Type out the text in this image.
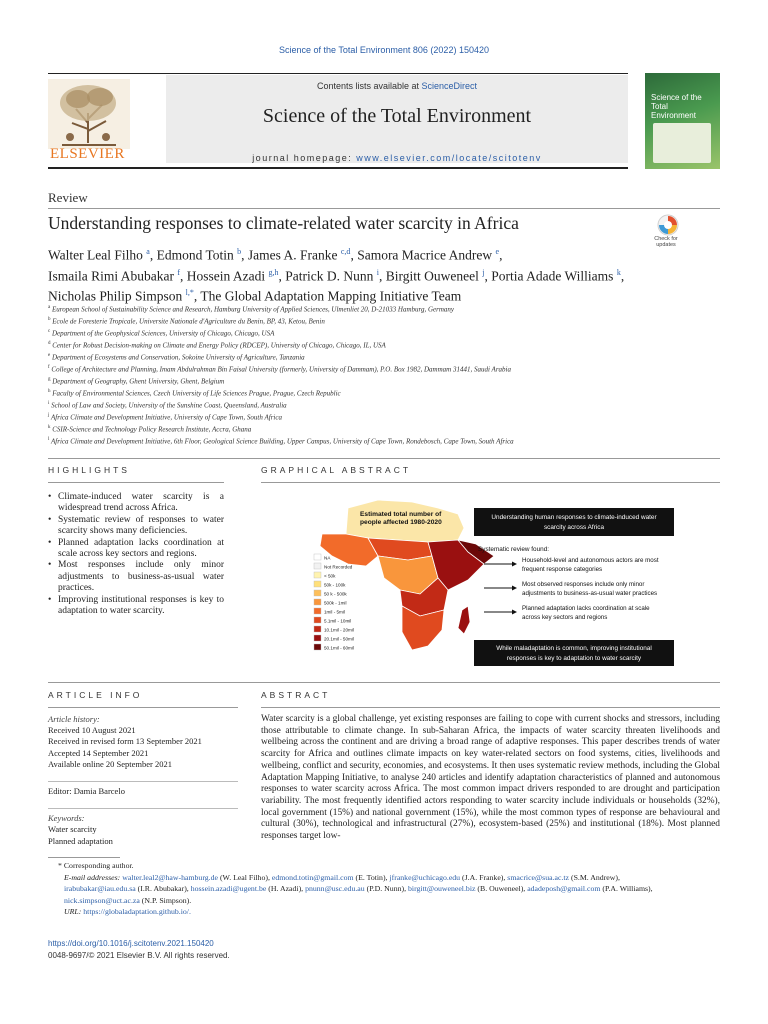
Science of the Total Environment 806 (2022) 150420
ELSEVIER
Contents lists available at ScienceDirect
Science of the Total Environment
journal homepage: www.elsevier.com/locate/scitotenv
Science of the Total Environment
Review
Understanding responses to climate-related water scarcity in Africa
Check for updates
Walter Leal Filho $^a$, Edmond Totin $^b$, James A. Franke $^{c,d}$, Samora Macrice Andrew $^e$,
Ismaila Rimi Abubakar $^f$, Hossein Azadi $^{g,h}$, Patrick D. Nunn $^i$, Birgitt Ouweneel $^j$, Portia Adade Williams $^k$,
Nicholas Philip Simpson $^{l,*}$, The Global Adaptation Mapping Initiative Team
$^a$ European School of Sustainability Science and Research, Hamburg University of Applied Sciences, Ulmenliet 20, D-21033 Hamburg, Germany
$^b$ Ecole de Foresterie Tropicale, Universite Nationale d'Agriculture du Benin, BP, 43, Ketou, Benin
$^c$ Department of the Geophysical Sciences, University of Chicago, Chicago, USA
$^d$ Center for Robust Decision-making on Climate and Energy Policy (RDCEP), University of Chicago, Chicago, IL, USA
$^e$ Department of Ecosystems and Conservation, Sokoine University of Agriculture, Tanzania
$^f$ College of Architecture and Planning, Imam Abdulrahman Bin Faisal University (formerly, University of Dammam), P.O. Box 1982, Dammam 31441, Saudi Arabia
$^g$ Department of Geography, Ghent University, Ghent, Belgium
$^h$ Faculty of Environmental Sciences, Czech University of Life Sciences Prague, Prague, Czech Republic
$^i$ School of Law and Society, University of the Sunshine Coast, Queensland, Australia
$^j$ Africa Climate and Development Initiative, University of Cape Town, South Africa
$^k$ CSIR-Science and Technology Policy Research Institute, Accra, Ghana
$^l$ Africa Climate and Development Initiative, 6th Floor, Geological Science Building, Upper Campus, University of Cape Town, Rondebosch, Cape Town, South Africa
HIGHLIGHTS	GRAPHICAL ABSTRACT
• Climate-induced water scarcity is a widespread trend across Africa.
• Systematic review of responses to water scarcity shows many deficiencies.
• Planned adaptation lacks coordination at scale across key sectors and regions.
• Most responses include only minor adjustments to business-as-usual water practices.
• Improving institutional responses is key to adaptation to water scarcity.
Estimated total number of
people affected 1980-2020
NA
Not Recorded
< 50k
50k - 100k
50 k - 500k
500k - 1mil
1mil - 5mil
5.1mil - 10mil
10.1mil - 20mil
20.1mil - 50mil
50.1mil - 60mil
Understanding human responses to climate-induced water
scarcity across Africa
Systematic review found:
Household-level and autonomous actors are most
frequent response categories
Most observed responses include only minor
adjustments to business-as-usual water practices
Planned adaptation lacks coordination at scale
across key sectors and regions
While maladaptation is common, improving institutional
responses is key to adaptation to water scarcity
ARTICLE INFO	ABSTRACT
Article history:
Received 10 August 2021
Received in revised form 13 September 2021
Accepted 14 September 2021
Available online 20 September 2021
Editor: Damia Barcelo
Keywords:
Water scarcity
Planned adaptation
Water scarcity is a global challenge, yet existing responses are failing to cope with current shocks and stressors, including those attributable to climate change. In sub-Saharan Africa, the impacts of water scarcity threaten livelihoods and wellbeing across the continent and are driving a broad range of adaptive responses. This paper describes trends of water scarcity for Africa and outlines climate impacts on key water-related sectors on food systems, cities, livelihoods and wellbeing, conflict and security, economies, and ecosystems. It then uses systematic review methods, including the Global Adaptation Mapping Initiative, to analyse 240 articles and identify adaptation characteristics of planned and autonomous responses to water scarcity across Africa. The most common impact drivers responded to are drought and participation variability. The most frequently identified actors responding to water scarcity include individuals or households (32%), local government (15%) and national government (15%), while the most common types of response are behavioural and cultural (30%), technological and infrastructural (27%), ecosystem-based (25%) and institutional (18%). Most planned responses target low-
* Corresponding author.
E-mail addresses: walter.leal2@haw-hamburg.de (W. Leal Filho), edmond.totin@gmail.com (E. Totin), jfranke@uchicago.edu (J.A. Franke), smacrice@sua.ac.tz (S.M. Andrew),
irabubakar@iau.edu.sa (I.R. Abubakar), hossein.azadi@ugent.be (H. Azadi), pnunn@usc.edu.au (P.D. Nunn), birgitt@ouweneel.biz (B. Ouweneel), adadeposh@gmail.com (P.A. Williams),
nick.simpson@uct.ac.za (N.P. Simpson).
URL: https://globaladaptation.github.io/.
https://doi.org/10.1016/j.scitotenv.2021.150420
0048-9697/© 2021 Elsevier B.V. All rights reserved.
